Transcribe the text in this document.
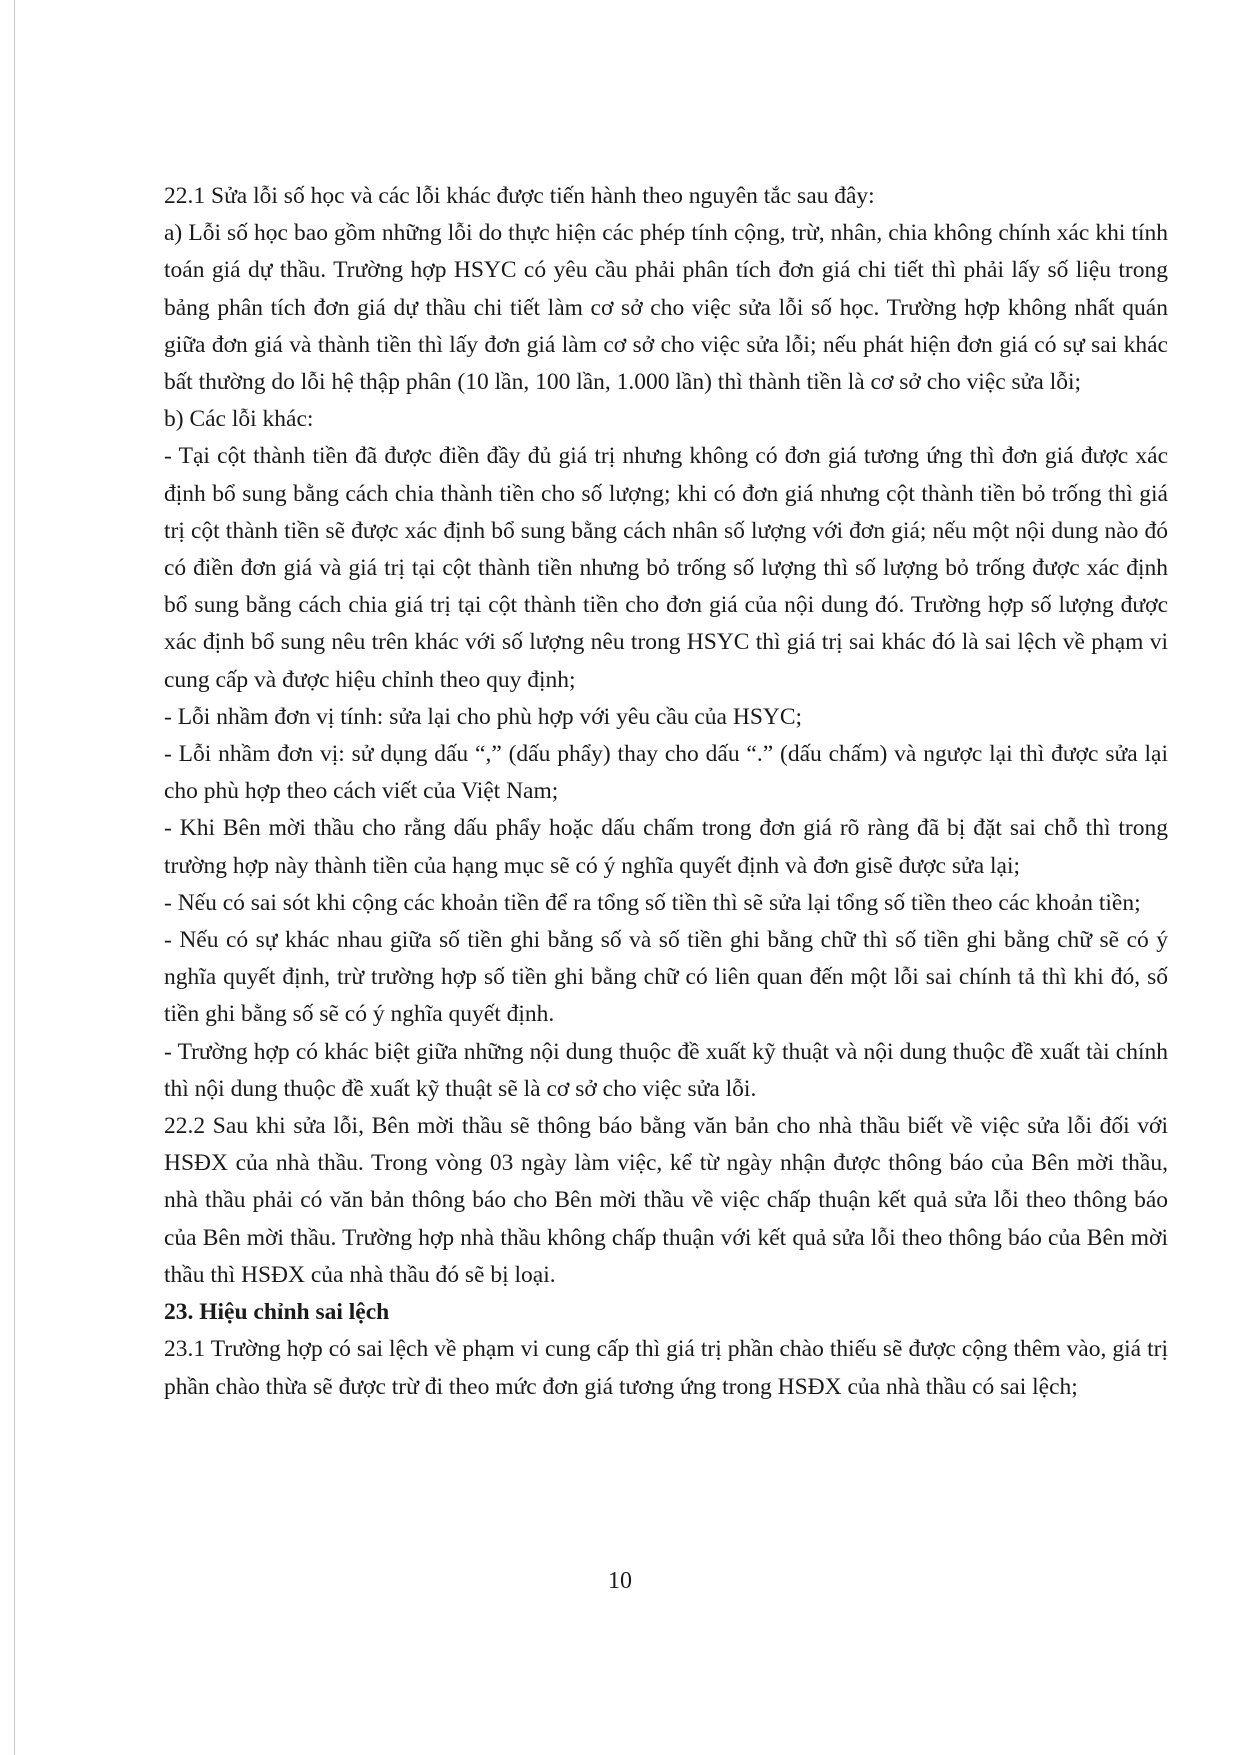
22.1 Sửa lỗi số học và các lỗi khác được tiến hành theo nguyên tắc sau đây:

a) Lỗi số học bao gồm những lỗi do thực hiện các phép tính cộng, trừ, nhân, chia không chính xác khi tính toán giá dự thầu. Trường hợp HSYC có yêu cầu phải phân tích đơn giá chi tiết thì phải lấy số liệu trong bảng phân tích đơn giá dự thầu chi tiết làm cơ sở cho việc sửa lỗi số học. Trường hợp không nhất quán giữa đơn giá và thành tiền thì lấy đơn giá làm cơ sở cho việc sửa lỗi; nếu phát hiện đơn giá có sự sai khác bất thường do lỗi hệ thập phân (10 lần, 100 lần, 1.000 lần) thì thành tiền là cơ sở cho việc sửa lỗi;

b) Các lỗi khác:

- Tại cột thành tiền đã được điền đầy đủ giá trị nhưng không có đơn giá tương ứng thì đơn giá được xác định bổ sung bằng cách chia thành tiền cho số lượng; khi có đơn giá nhưng cột thành tiền bỏ trống thì giá trị cột thành tiền sẽ được xác định bổ sung bằng cách nhân số lượng với đơn giá; nếu một nội dung nào đó có điền đơn giá và giá trị tại cột thành tiền nhưng bỏ trống số lượng thì số lượng bỏ trống được xác định bổ sung bằng cách chia giá trị tại cột thành tiền cho đơn giá của nội dung đó. Trường hợp số lượng được xác định bổ sung nêu trên khác với số lượng nêu trong HSYC thì giá trị sai khác đó là sai lệch về phạm vi cung cấp và được hiệu chỉnh theo quy định;

- Lỗi nhầm đơn vị tính: sửa lại cho phù hợp với yêu cầu của HSYC;

- Lỗi nhầm đơn vị: sử dụng dấu “,” (dấu phẩy) thay cho dấu “.” (dấu chấm) và ngược lại thì được sửa lại cho phù hợp theo cách viết của Việt Nam;

- Khi Bên mời thầu cho rằng dấu phẩy hoặc dấu chấm trong đơn giá rõ ràng đã bị đặt sai chỗ thì trong trường hợp này thành tiền của hạng mục sẽ có ý nghĩa quyết định và đơn gisẽ được sửa lại;

- Nếu có sai sót khi cộng các khoản tiền để ra tổng số tiền thì sẽ sửa lại tổng số tiền theo các khoản tiền;

- Nếu có sự khác nhau giữa số tiền ghi bằng số và số tiền ghi bằng chữ thì số tiền ghi bằng chữ sẽ có ý nghĩa quyết định, trừ trường hợp số tiền ghi bằng chữ có liên quan đến một lỗi sai chính tả thì khi đó, số tiền ghi bằng số sẽ có ý nghĩa quyết định.

- Trường hợp có khác biệt giữa những nội dung thuộc đề xuất kỹ thuật và nội dung thuộc đề xuất tài chính thì nội dung thuộc đề xuất kỹ thuật sẽ là cơ sở cho việc sửa lỗi.

22.2 Sau khi sửa lỗi, Bên mời thầu sẽ thông báo bằng văn bản cho nhà thầu biết về việc sửa lỗi đối với HSĐX của nhà thầu. Trong vòng 03 ngày làm việc, kể từ ngày nhận được thông báo của Bên mời thầu, nhà thầu phải có văn bản thông báo cho Bên mời thầu về việc chấp thuận kết quả sửa lỗi theo thông báo của Bên mời thầu. Trường hợp nhà thầu không chấp thuận với kết quả sửa lỗi theo thông báo của Bên mời thầu thì HSĐX của nhà thầu đó sẽ bị loại.

23. Hiệu chỉnh sai lệch

23.1 Trường hợp có sai lệch về phạm vi cung cấp thì giá trị phần chào thiếu sẽ được cộng thêm vào, giá trị phần chào thừa sẽ được trừ đi theo mức đơn giá tương ứng trong HSĐX của nhà thầu có sai lệch;

10
